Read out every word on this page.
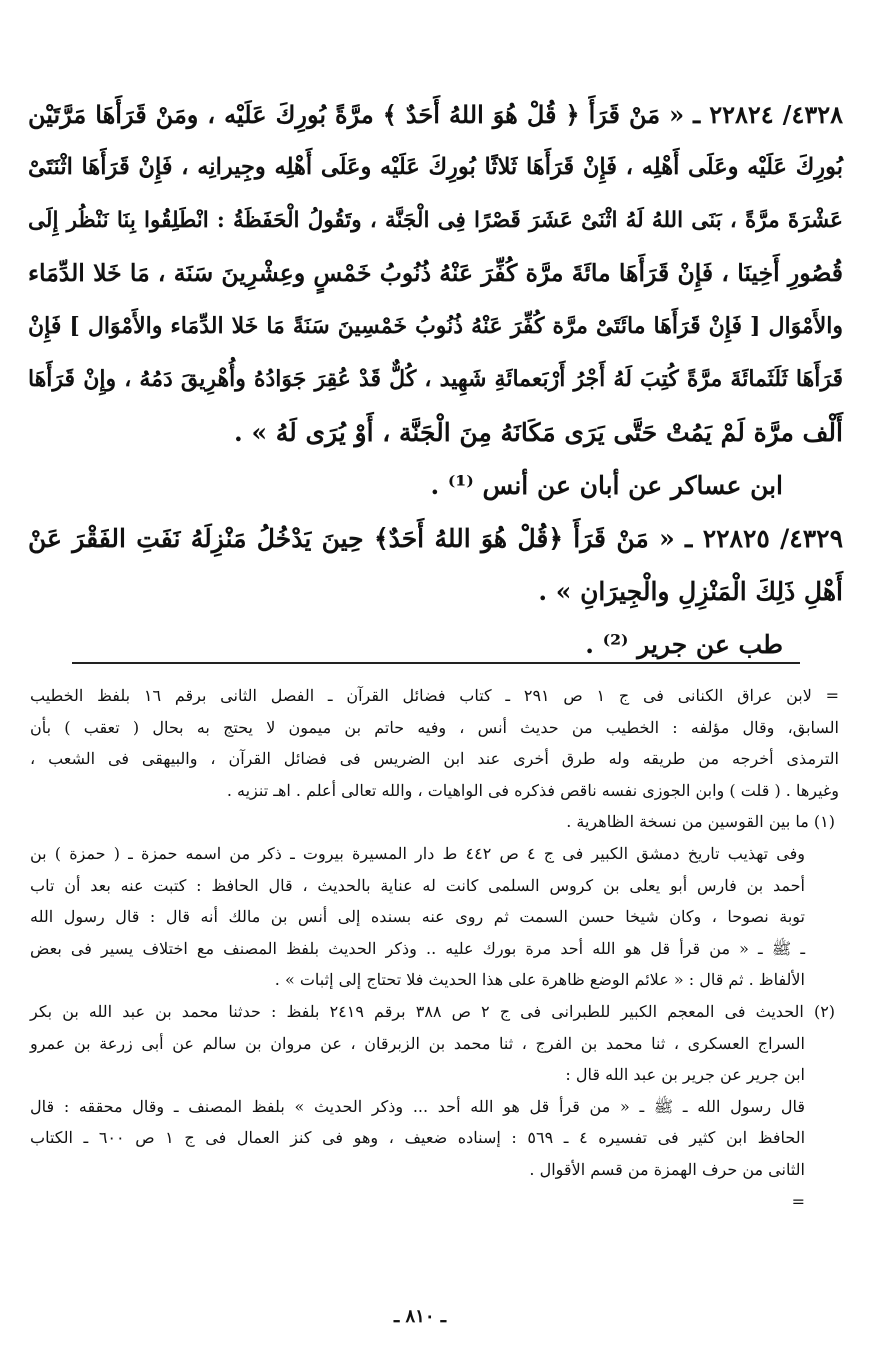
٤٣٢٨/ ٢٢٨٢٤ ـ « مَنْ قَرَأَ ﴿ قُلْ هُوَ اللهُ أَحَدٌ ﴾ مرَّةً بُورِكَ عَلَيْه ، ومَنْ قَرَأَهَا مَرَّتَيْن

بُورِكَ عَلَيْه وعَلَى أَهْلِه ، فَإِنْ قَرَأَهَا ثَلاثًا بُورِكَ عَلَيْه وعَلَى أَهْلِه وجِيرانِه ، فَإِنْ قَرَأَهَا اثْنَتَىْ

عَشْرَةَ مرَّةً ، بَنَى اللهُ لَهُ اثْنَىْ عَشَرَ قَصْرًا فِى الْجَنَّة ، وتَقُولُ الْحَفَظَةُ : انْطَلِقُوا بِنَا نَنْظُر إِلَى

قُصُورِ أَخِينَا ، فَإِنْ قَرَأَهَا مائَةَ مرَّة كُفِّرَ عَنْهُ ذُنُوبُ خَمْسٍ وعِشْرِينَ سَنَة ، مَا خَلا الدِّمَاء

والأَمْوَال [ فَإِنْ قَرَأَهَا مائَتَىْ مرَّة كُفِّرَ عَنْهُ ذُنُوبُ خَمْسِينَ سَنَةً مَا خَلا الدِّمَاء والأَمْوَال ] فَإِنْ

قَرَأَهَا ثَلَثَمائَةَ مرَّةً كُتِبَ لَهُ أَجْرُ أَرْبَعمائَةِ شَهِيد ، كُلٌّ قَدْ عُقِرَ جَوَادُهُ وأُهْرِيقَ دَمُهُ ، وإِنْ قَرَأَهَا

أَلْف مرَّة لَمْ يَمُتْ حَتَّى يَرَى مَكَانَهُ مِنَ الْجَنَّة ، أَوْ يُرَى لَهُ » .

ابن عساكر عن أبان عن أنس ⁽¹⁾ .

٤٣٢٩/ ٢٢٨٢٥ ـ « مَنْ قَرَأَ ﴿قُلْ هُوَ اللهُ أَحَدٌ﴾ حِينَ يَدْخُلُ مَنْزِلَهُ نَفَتِ الفَقْرَ عَنْ

أَهْلِ ذَلِكَ الْمَنْزِلِ والْجِيرَانِ » .

طب عن جرير ⁽²⁾ .

= لابن عراق الكنانى فى ج ١ ص ٢٩١ ـ كتاب فضائل القرآن ـ الفصل الثانى برقم ١٦ بلفظ الخطيب

السابق، وقال مؤلفه : الخطيب من حديث أنس ، وفيه حاتم بن ميمون لا يحتج به بحال ( تعقب ) بأن

الترمذى أخرجه من طريقه وله طرق أخرى عند ابن الضريس فى فضائل القرآن ، والبيهقى فى الشعب ،

وغيرها . ( قلت ) وابن الجوزى نفسه ناقص فذكره فى الواهيات ، والله تعالى أعلم . اهـ تنزيه .

(١) ما بين القوسين من نسخة الظاهرية .

وفى تهذيب تاريخ دمشق الكبير فى ج ٤ ص ٤٤٢ ط دار المسيرة بيروت ـ ذكر من اسمه حمزة ـ ( حمزة ) بن

أحمد بن فارس أبو يعلى بن كروس السلمى كانت له عناية بالحديث ، قال الحافظ : كتبت عنه بعد أن تاب

توبة نصوحا ، وكان شيخا حسن السمت ثم روى عنه بسنده إلى أنس بن مالك أنه قال : قال رسول الله

ـ ﷺ ـ « من قرأ قل هو الله أحد مرة بورك عليه .. وذكر الحديث بلفظ المصنف مع اختلاف يسير فى بعض

الألفاظ . ثم قال : « علائم الوضع ظاهرة على هذا الحديث فلا تحتاج إلى إثبات » .

(٢) الحديث فى المعجم الكبير للطبرانى فى ج ٢ ص ٣٨٨ برقم ٢٤١٩ بلفظ : حدثنا محمد بن عبد الله بن بكر

السراج العسكرى ، ثنا محمد بن الفرج ، ثنا محمد بن الزبرقان ، عن مروان بن سالم عن أبى زرعة بن عمرو

ابن جرير عن جرير بن عبد الله قال :

قال رسول الله ـ ﷺ ـ « من قرأ قل هو الله أحد ... وذكر الحديث » بلفظ المصنف ـ وقال محققه : قال

الحافظ ابن كثير فى تفسيره ٤ ـ ٥٦٩ : إسناده ضعيف ، وهو فى كنز العمال فى ج ١ ص ٦٠٠ ـ الكتاب

الثانى من حرف الهمزة من قسم الأقوال .

=

ـ ٨١٠ ـ
